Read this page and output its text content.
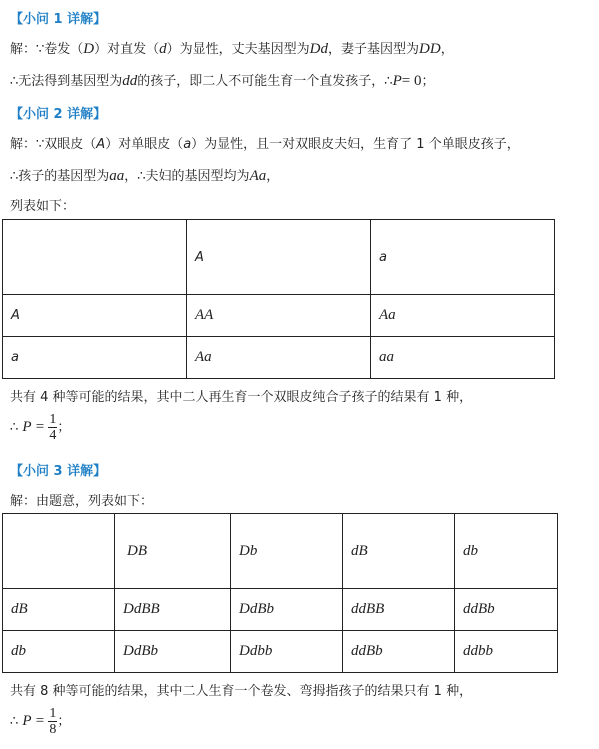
【小问 1 详解】
解：∵卷发（D）对直发（d）为显性，丈夫基因型为Dd，妻子基因型为DD，
∴无法得到基因型为dd的孩子，即二人不可能生育一个直发孩子，∴P= 0；
【小问 2 详解】
解：∵双眼皮（A）对单眼皮（a）为显性，且一对双眼皮夫妇，生育了 1 个单眼皮孩子，
∴孩子的基因型为aa，∴夫妇的基因型均为Aa，
列表如下：
	A	a
A	AA	Aa
a	Aa	aa
共有 4 种等可能的结果，其中二人再生育一个双眼皮纯合子孩子的结果有 1 种，
∴ $P = \frac{1}{4}$ ；
【小问 3 详解】
解：由题意，列表如下：
	DB	Db	dB	db
dB	DdBB	DdBb	ddBB	ddBb
db	DdBb	Ddbb	ddBb	ddbb
共有 8 种等可能的结果，其中二人生育一个卷发、弯拇指孩子的结果只有 1 种，
∴ $P = \frac{1}{8}$ ；
